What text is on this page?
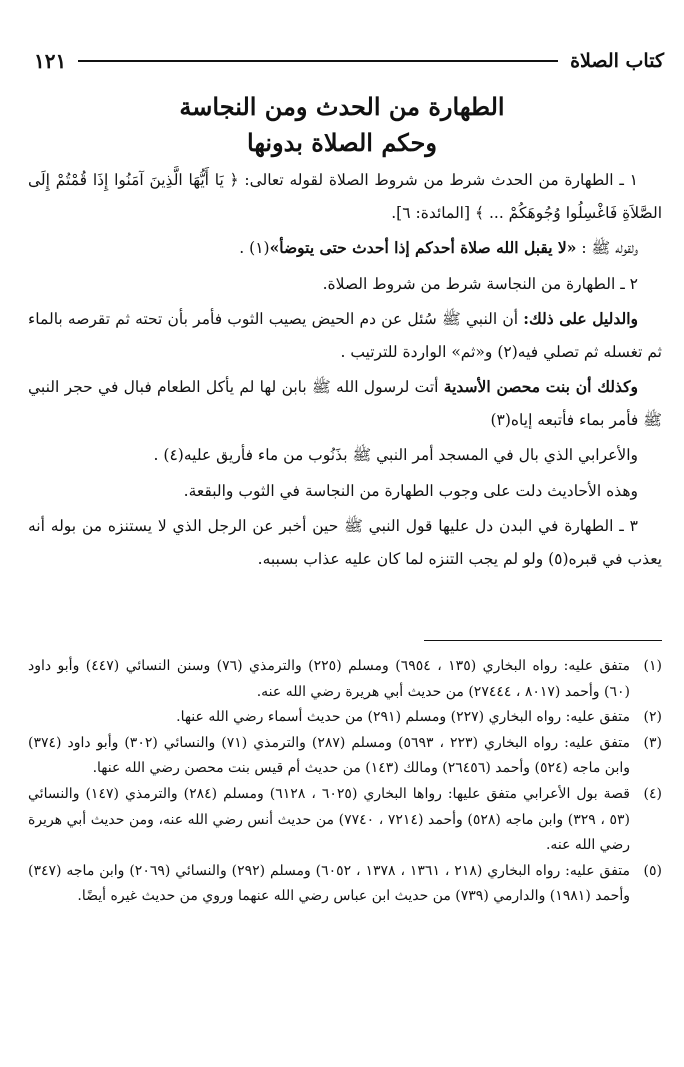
كتاب الصلاة
١٢١
الطهارة من الحدث ومن النجاسة
وحكم الصلاة بدونها

١ ـ الطهارة من الحدث شرط من شروط الصلاة لقوله تعالى: ﴿ يَا أَيُّهَا الَّذِينَ آمَنُوا إِذَا قُمْتُمْ إِلَى الصَّلاَةِ فَاغْسِلُوا وُجُوهَكُمْ ... ﴾ [المائدة: ٦].

ولقوله ﷺ : «لا يقبل الله صلاة أحدكم إذا أحدث حتى يتوضأ»(١) .

٢ ـ الطهارة من النجاسة شرط من شروط الصلاة.

والدليل على ذلك: أن النبي ﷺ سُئل عن دم الحيض يصيب الثوب فأمر بأن تحته ثم تقرصه بالماء ثم تغسله ثم تصلي فيه(٢) و«ثم» الواردة للترتيب .

وكذلك أن بنت محصن الأسدية أتت لرسول الله ﷺ بابن لها لم يأكل الطعام فبال في حجر النبي ﷺ فأمر بماء فأتبعه إياه(٣)

والأعرابي الذي بال في المسجد أمر النبي ﷺ بذَنُوب من ماء فأريق عليه(٤) .

وهذه الأحاديث دلت على وجوب الطهارة من النجاسة في الثوب والبقعة.

٣ ـ الطهارة في البدن دل عليها قول النبي ﷺ حين أخبر عن الرجل الذي لا يستنزه من بوله أنه يعذب في قبره(٥) ولو لم يجب التنزه لما كان عليه عذاب بسببه.

(١)
متفق عليه: رواه البخاري (١٣٥ ، ٦٩٥٤) ومسلم (٢٢٥) والترمذي (٧٦) وسنن النسائي (٤٤٧) وأبو داود (٦٠) وأحمد (٨٠١٧ ، ٢٧٤٤٤) من حديث أبي هريرة رضي الله عنه.
(٢)
متفق عليه: رواه البخاري (٢٢٧) ومسلم (٢٩١) من حديث أسماء رضي الله عنها.
(٣)
متفق عليه: رواه البخاري (٢٢٣ ، ٥٦٩٣) ومسلم (٢٨٧) والترمذي (٧١) والنسائي (٣٠٢) وأبو داود (٣٧٤) وابن ماجه (٥٢٤) وأحمد (٢٦٤٥٦) ومالك (١٤٣) من حديث أم قيس بنت محصن رضي الله عنها.
(٤)
قصة بول الأعرابي متفق عليها: رواها البخاري (٦٠٢٥ ، ٦١٢٨) ومسلم (٢٨٤) والترمذي (١٤٧) والنسائي (٥٣ ، ٣٢٩) وابن ماجه (٥٢٨) وأحمد (٧٢١٤ ، ٧٧٤٠) من حديث أنس رضي الله عنه، ومن حديث أبي هريرة رضي الله عنه.
(٥)
متفق عليه: رواه البخاري (٢١٨ ، ١٣٦١ ، ١٣٧٨ ، ٦٠٥٢) ومسلم (٢٩٢) والنسائي (٢٠٦٩) وابن ماجه (٣٤٧) وأحمد (١٩٨١) والدارمي (٧٣٩) من حديث ابن عباس رضي الله عنهما وروي من حديث غيره أيضًا.
